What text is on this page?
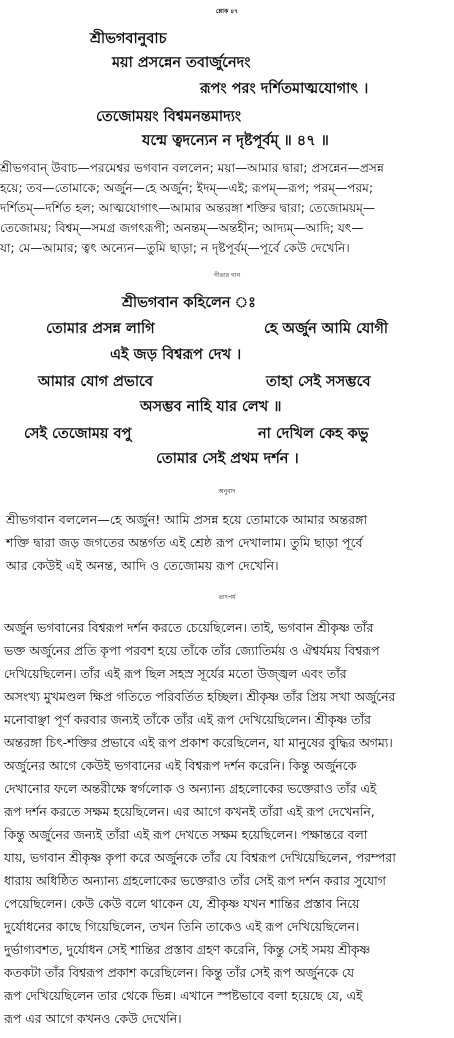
শ্লোক ৪৭
শ্রীভগবানুবাচ
ময়া প্রসন্নেন তবার্জুনেদং
রূপং পরং দর্শিতমাত্মযোগাৎ ।
তেজোময়ং বিশ্বমনন্তমাদ্যং
যন্মে ত্বদন্যেন ন দৃষ্টপূর্বম্ ॥ ৪৭ ॥
শ্রীভগবান্ উবাচ—পরমেশ্বর ভগবান বললেন; ময়া—আমার দ্বারা; প্রসন্নেন—প্রসন্ন
হয়ে; তব—তোমাকে; অর্জুন—হে অর্জুন; ইদম্—এই; রূপম্—রূপ; পরম্—পরম;
দর্শিতম্—দর্শিত হল; আত্মযোগাৎ—আমার অন্তরঙ্গা শক্তির দ্বারা; তেজোময়ম্—
তেজোময়; বিশ্বম্—সমগ্র জগৎরূপী; অনন্তম্—অন্তহীন; আদ্যম্—আদি; যৎ—
যা; মে—আমার; ত্বৎ অন্যেন—তুমি ছাড়া; ন দৃষ্টপূর্বম্—পূর্বে কেউ দেখেনি।
গীতার গান
শ্রীভগবান কহিলেন ঃ
তোমার প্রসন্ন লাগি	হে অর্জুন আমি যোগী
এই জড় বিশ্বরূপ দেখ ।
আমার যোগ প্রভাবে	তাহা সেই সসম্ভবে
অসম্ভব নাহি যার লেখ ॥
সেই তেজোময় বপু	না দেখিল কেহ কভু
তোমার সেই প্রথম দর্শন ।
অনুবাদ
শ্রীভগবান বললেন—হে অর্জুন! আমি প্রসন্ন হয়ে তোমাকে আমার অন্তরঙ্গা
শক্তি দ্বারা জড় জগতের অন্তর্গত এই শ্রেষ্ঠ রূপ দেখালাম। তুমি ছাড়া পূর্বে
আর কেউই এই অনন্ত, আদি ও তেজোময় রূপ দেখেনি।
তাৎপর্য
অর্জুন ভগবানের বিশ্বরূপ দর্শন করতে চেয়েছিলেন। তাই, ভগবান শ্রীকৃষ্ণ তাঁর
ভক্ত অর্জুনের প্রতি কৃপা পরবশ হয়ে তাঁকে তাঁর জ্যোতির্ময় ও ঐশ্বর্যময় বিশ্বরূপ
দেখিয়েছিলেন। তাঁর এই রূপ ছিল সহস্র সূর্যের মতো উজ্জ্বল এবং তাঁর
অসংখ্য মুখমণ্ডল ক্ষিপ্র গতিতে পরিবর্তিত হচ্ছিল। শ্রীকৃষ্ণ তাঁর প্রিয় সখা অর্জুনের
মনোবাঞ্ছা পূর্ণ করবার জন্যই তাঁকে তাঁর এই রূপ দেখিয়েছিলেন। শ্রীকৃষ্ণ তাঁর
অন্তরঙ্গা চিৎ-শক্তির প্রভাবে এই রূপ প্রকাশ করেছিলেন, যা মানুষের বুদ্ধির অগম্য।
অর্জুনের আগে কেউই ভগবানের এই বিশ্বরূপ দর্শন করেনি। কিন্তু অর্জুনকে
দেখানোর ফলে অন্তরীক্ষে স্বর্গলোক ও অন্যান্য গ্রহলোকের ভক্তেরাও তাঁর এই
রূপ দর্শন করতে সক্ষম হয়েছিলেন। এর আগে কখনই তাঁরা এই রূপ দেখেননি,
কিন্তু অর্জুনের জন্যই তাঁরা এই রূপ দেখতে সক্ষম হয়েছিলেন। পক্ষান্তরে বলা
যায়, ভগবান শ্রীকৃষ্ণ কৃপা করে অর্জুনকে তাঁর যে বিশ্বরূপ দেখিয়েছিলেন, পরম্পরা
ধারায় অধিষ্ঠিত অন্যান্য গ্রহলোকের ভক্তেরাও তাঁর সেই রূপ দর্শন করার সুযোগ
পেয়েছিলেন। কেউ কেউ বলে থাকেন যে, শ্রীকৃষ্ণ যখন শান্তির প্রস্তাব নিয়ে
দুর্যোধনের কাছে গিয়েছিলেন, তখন তিনি তাকেও এই রূপ দেখিয়েছিলেন।
দুর্ভাগ্যবশত, দুর্যোধন সেই শান্তির প্রস্তাব গ্রহণ করেনি, কিন্তু সেই সময় শ্রীকৃষ্ণ
কতকটা তাঁর বিশ্বরূপ প্রকাশ করেছিলেন। কিন্তু তাঁর সেই রূপ অর্জুনকে যে
রূপ দেখিয়েছিলেন তার থেকে ভিন্ন। এখানে স্পষ্টভাবে বলা হয়েছে যে, এই
রূপ এর আগে কখনও কেউ দেখেনি।
